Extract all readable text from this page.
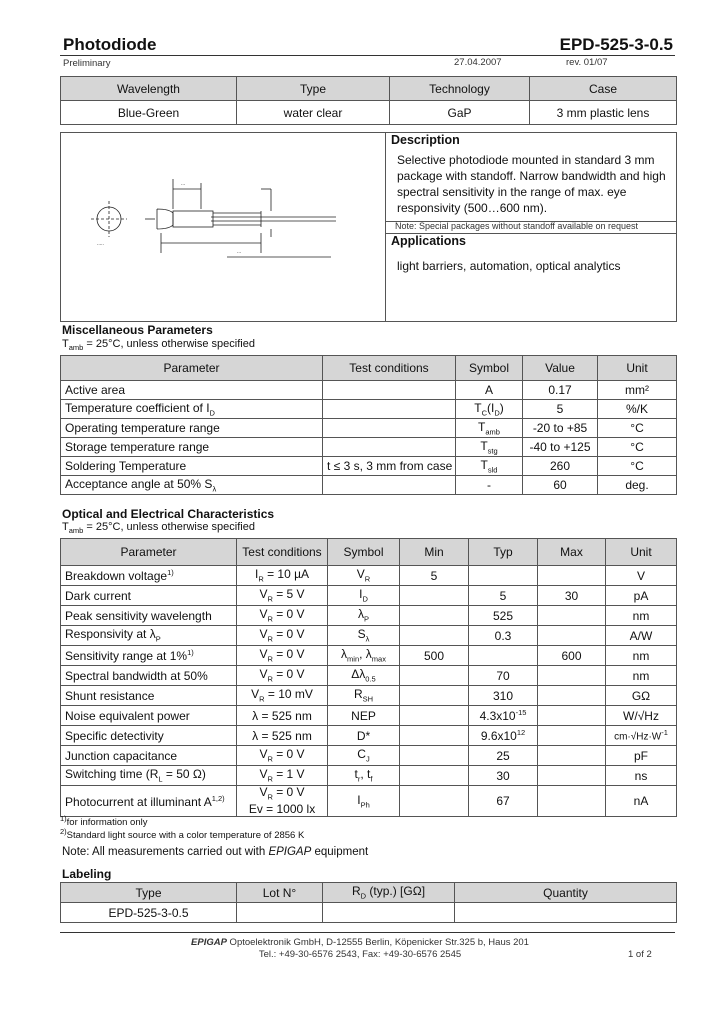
Photodiode	EPD-525-3-0.5
Preliminary	27.04.2007	rev. 01/07
Wavelength	Type	Technology	Case
Blue-Green	water clear	GaP	3 mm plastic lens
...
...
.....
Description
Selective photodiode mounted in standard 3 mm package with standoff. Narrow bandwidth and high spectral sensitivity in the range of max. eye responsivity (500…600 nm).
Note: Special packages without standoff available on request
Applications
light barriers, automation, optical analytics
Miscellaneous Parameters
$T_{amb} = 25^\circ C$, unless otherwise specified
Parameter	Test conditions	Symbol	Value	Unit
Active area		A	0.17	mm²
Temperature coefficient of $I_D$		$T_C(I_D)$	5	%/K
Operating temperature range		$T_{amb}$	-20 to +85	°C
Storage temperature range		$T_{stg}$	-40 to +125	°C
Soldering Temperature	t ≤ 3 s, 3 mm from case	$T_{sld}$	260	°C
Acceptance angle at 50% $S_\lambda$		-	60	deg.
Optical and Electrical Characteristics
$T_{amb} = 25^\circ C$, unless otherwise specified
Parameter	Test conditions	Symbol	Min	Typ	Max	Unit
Breakdown voltage$^{1)}$	$I_R = 10$ µA	$V_R$	5			V
Dark current	$V_R = 5$ V	$I_D$		5	30	pA
Peak sensitivity wavelength	$V_R = 0$ V	$\lambda_P$		525		nm
Responsivity at $\lambda_P$	$V_R = 0$ V	$S_\lambda$		0.3		A/W
Sensitivity range at 1%$^{1)}$	$V_R = 0$ V	$\lambda_{min}$, $\lambda_{max}$	500		600	nm
Spectral bandwidth at 50%	$V_R = 0$ V	$\Delta\lambda_{0.5}$		70		nm
Shunt resistance	$V_R = 10$ mV	$R_{SH}$		310		GΩ
Noise equivalent power	λ = 525 nm	NEP		$4.3x10^{-15}$		W/√Hz
Specific detectivity	λ = 525 nm	D*		$9.6x10^{12}$		$cm\cdot√Hz\cdot W^{-1}$
Junction capacitance	$V_R = 0$ V	$C_J$		25		pF
Switching time ($R_L = 50$ Ω)	$V_R = 1$ V	$t_r$, $t_f$		30		ns
Photocurrent at illuminant A$^{1,2)}$	$V_R = 0$ V
Ev = 1000 lx	$I_{Ph}$		67		nA
$^{1)}$for information only
$^{2)}$Standard light source with a color temperature of 2856 K
Note: All measurements carried out with EPIGAP equipment
Labeling
Type	Lot N°	$R_D$ (typ.) [GΩ]	Quantity
EPD-525-3-0.5			
EPIGAP Optoelektronik GmbH, D-12555 Berlin, Köpenicker Str.325 b, Haus 201
Tel.: +49-30-6576 2543, Fax: +49-30-6576 2545	1 of 2
